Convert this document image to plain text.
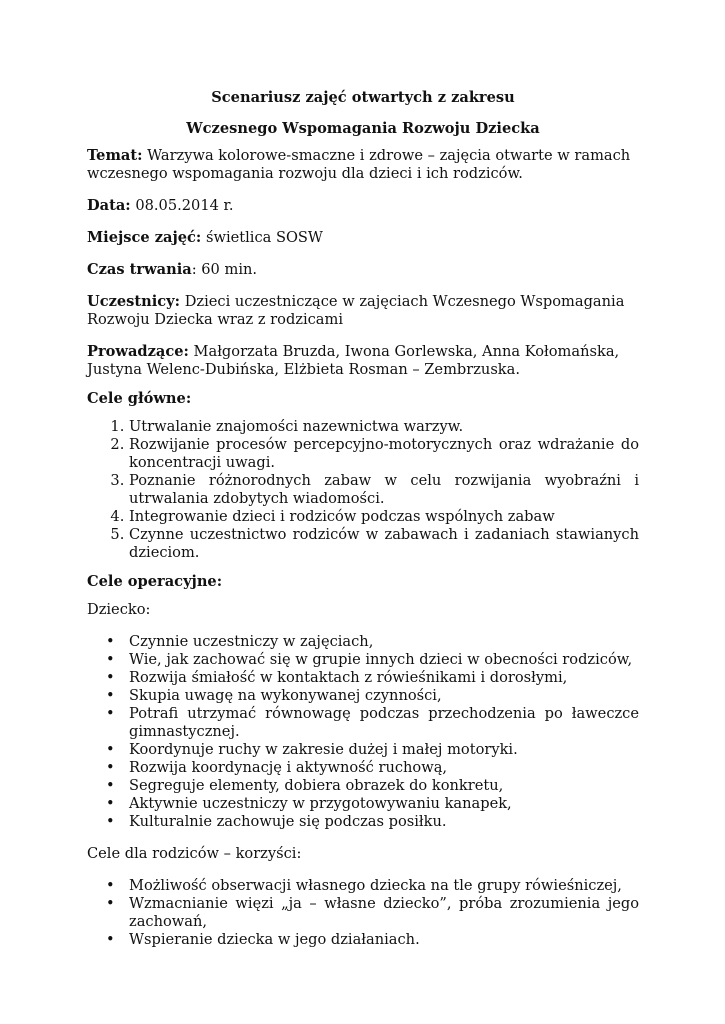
Scenariusz zajęć otwartych z zakresu

Wczesnego Wspomagania Rozwoju Dziecka

Temat: Warzywa kolorowe-smaczne i zdrowe – zajęcia otwarte w ramach wczesnego wspomagania rozwoju dla dzieci i ich rodziców.

Data: 08.05.2014 r.

Miejsce zajęć: świetlica SOSW

Czas trwania: 60 min.

Uczestnicy: Dzieci uczestniczące w zajęciach Wczesnego Wspomagania Rozwoju Dziecka wraz z rodzicami

Prowadzące: Małgorzata Bruzda, Iwona Gorlewska, Anna Kołomańska, Justyna Welenc-Dubińska, Elżbieta Rosman – Zembrzuska.

Cele główne:

1. Utrwalanie znajomości nazewnictwa warzyw.
2. Rozwijanie procesów percepcyjno-motorycznych oraz wdrażanie do koncentracji uwagi.
3. Poznanie różnorodnych zabaw w celu rozwijania wyobraźni i utrwalania zdobytych wiadomości.
4. Integrowanie dzieci i rodziców podczas wspólnych zabaw
5. Czynne uczestnictwo rodziców w zabawach i zadaniach stawianych dzieciom.

Cele operacyjne:

Dziecko:

• Czynnie uczestniczy w zajęciach,
• Wie, jak zachować się w grupie innych dzieci w obecności rodziców,
• Rozwija śmiałość w kontaktach z rówieśnikami i dorosłymi,
• Skupia uwagę na wykonywanej czynności,
• Potrafi utrzymać równowagę podczas przechodzenia po ławeczce gimnastycznej.
• Koordynuje ruchy w zakresie dużej i małej motoryki.
• Rozwija koordynację i aktywność ruchową,
• Segreguje elementy, dobiera obrazek do konkretu,
• Aktywnie uczestniczy w przygotowywaniu kanapek,
• Kulturalnie zachowuje się podczas posiłku.

Cele dla rodziców – korzyści:

• Możliwość obserwacji własnego dziecka na tle grupy rówieśniczej,
• Wzmacnianie więzi „ja – własne dziecko”, próba zrozumienia jego zachowań,
• Wspieranie dziecka w jego działaniach.
